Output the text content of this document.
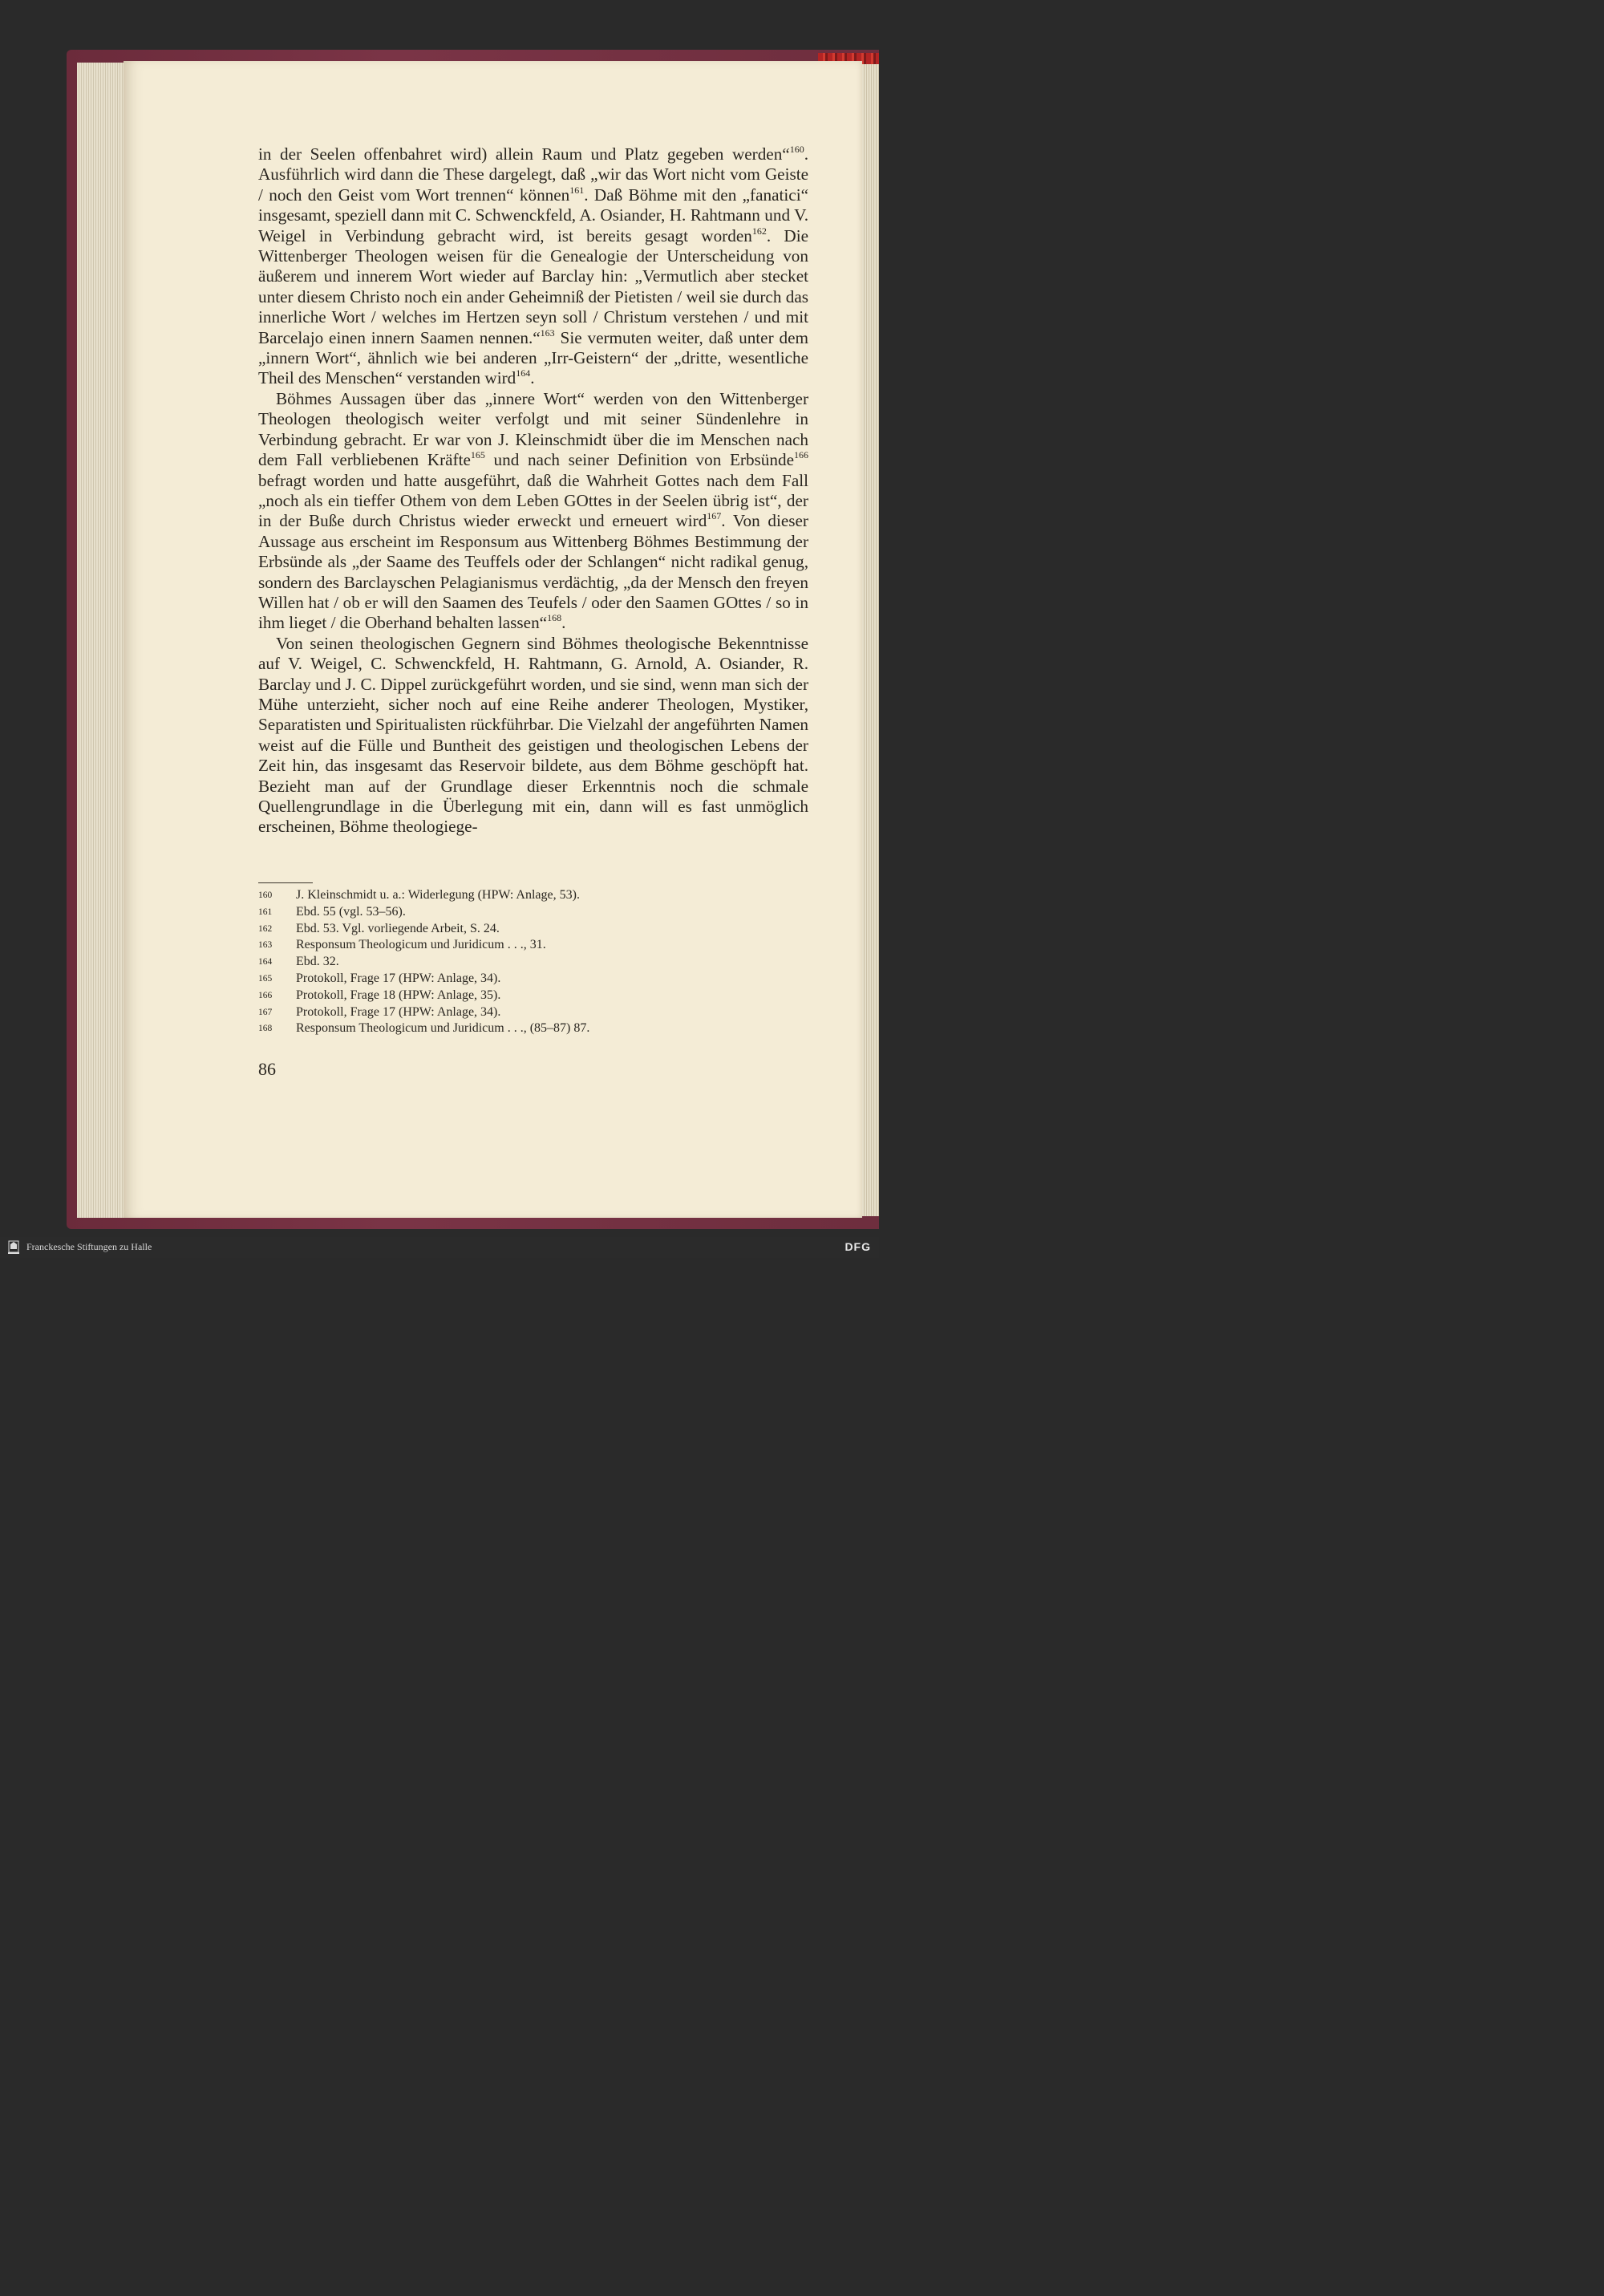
in der Seelen offenbahret wird) allein Raum und Platz gegeben werden“$^{160}$. Ausführlich wird dann die These dargelegt, daß „wir das Wort nicht vom Geiste / noch den Geist vom Wort trennen“ können$^{161}$. Daß Böhme mit den „fanatici“ insgesamt, speziell dann mit C. Schwenckfeld, A. Osiander, H. Rahtmann und V. Weigel in Verbindung gebracht wird, ist bereits gesagt worden$^{162}$. Die Wittenberger Theologen weisen für die Genealogie der Unterscheidung von äußerem und innerem Wort wieder auf Barclay hin: „Vermutlich aber stecket unter diesem Christo noch ein ander Geheimniß der Pietisten / weil sie durch das innerliche Wort / welches im Hertzen seyn soll / Christum verstehen / und mit Barcelajo einen innern Saamen nennen.“$^{163}$ Sie vermuten weiter, daß unter dem „innern Wort“, ähnlich wie bei anderen „Irr-Geistern“ der „dritte, wesentliche Theil des Menschen“ verstanden wird$^{164}$.

Böhmes Aussagen über das „innere Wort“ werden von den Wittenberger Theologen theologisch weiter verfolgt und mit seiner Sündenlehre in Verbindung gebracht. Er war von J. Kleinschmidt über die im Menschen nach dem Fall verbliebenen Kräfte$^{165}$ und nach seiner Definition von Erbsünde$^{166}$ befragt worden und hatte ausgeführt, daß die Wahrheit Gottes nach dem Fall „noch als ein tieffer Othem von dem Leben GOttes in der Seelen übrig ist“, der in der Buße durch Christus wieder erweckt und erneuert wird$^{167}$. Von dieser Aussage aus erscheint im Responsum aus Wittenberg Böhmes Bestimmung der Erbsünde als „der Saame des Teuffels oder der Schlangen“ nicht radikal genug, sondern des Barclayschen Pelagianismus verdächtig, „da der Mensch den freyen Willen hat / ob er will den Saamen des Teufels / oder den Saamen GOttes / so in ihm lieget / die Oberhand behalten lassen“$^{168}$.

Von seinen theologischen Gegnern sind Böhmes theologische Bekenntnisse auf V. Weigel, C. Schwenckfeld, H. Rahtmann, G. Arnold, A. Osiander, R. Barclay und J. C. Dippel zurückgeführt worden, und sie sind, wenn man sich der Mühe unterzieht, sicher noch auf eine Reihe anderer Theologen, Mystiker, Separatisten und Spiritualisten rückführbar. Die Vielzahl der angeführten Namen weist auf die Fülle und Buntheit des geistigen und theologischen Lebens der Zeit hin, das insgesamt das Reservoir bildete, aus dem Böhme geschöpft hat. Bezieht man auf der Grundlage dieser Erkenntnis noch die schmale Quellengrundlage in die Überlegung mit ein, dann will es fast unmöglich erscheinen, Böhme theologiege-

160	J. Kleinschmidt u. a.: Widerlegung (HPW: Anlage, 53).
161	Ebd. 55 (vgl. 53–56).
162	Ebd. 53. Vgl. vorliegende Arbeit, S. 24.
163	Responsum Theologicum und Juridicum . . ., 31.
164	Ebd. 32.
165	Protokoll, Frage 17 (HPW: Anlage, 34).
166	Protokoll, Frage 18 (HPW: Anlage, 35).
167	Protokoll, Frage 17 (HPW: Anlage, 34).
168	Responsum Theologicum und Juridicum . . ., (85–87) 87.
86
Franckesche Stiftungen zu Halle	DFG
